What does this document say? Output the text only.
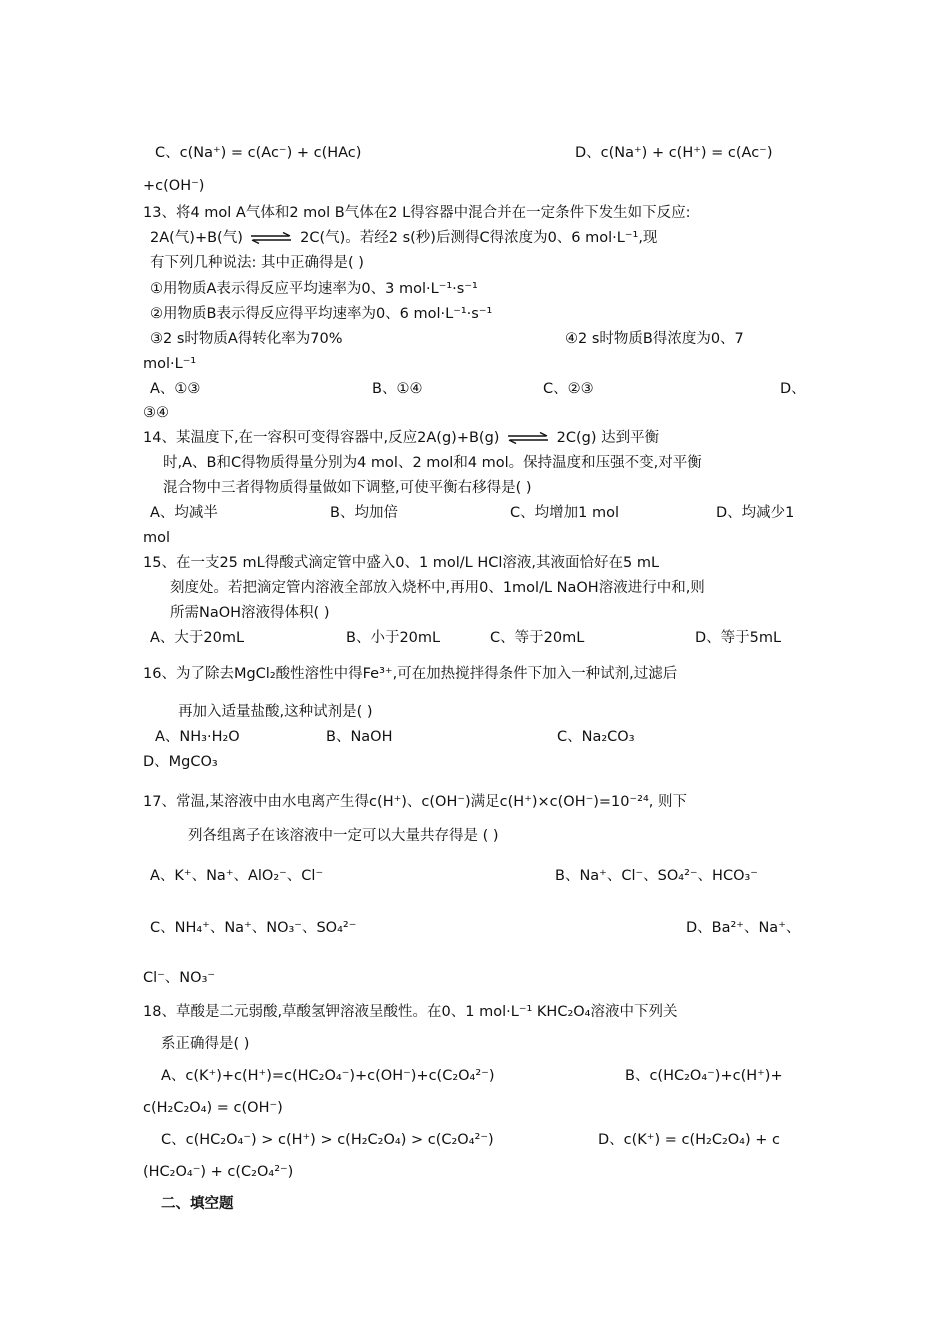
C、c(Na⁺) = c(Ac⁻) + c(HAc)	D、c(Na⁺) + c(H⁺) = c(Ac⁻)
+c(OH⁻)
13、将4 mol A气体和2 mol B气体在2 L得容器中混合并在一定条件下发生如下反应:
2A(气)+B(气) ⇌ 2C(气)。若经2 s(秒)后测得C得浓度为0、6 mol·L⁻¹,现
有下列几种说法: 其中正确得是( )
①用物质A表示得反应平均速率为0、3 mol·L⁻¹·s⁻¹
②用物质B表示得反应得平均速率为0、6 mol·L⁻¹·s⁻¹
③2 s时物质A得转化率为70%	④2 s时物质B得浓度为0、7
mol·L⁻¹
A、①③	B、①④	C、②③	D、
③④
14、某温度下,在一容积可变得容器中,反应2A(g)+B(g) ⇌ 2C(g) 达到平衡
时,A、B和C得物质得量分别为4 mol、2 mol和4 mol。保持温度和压强不变,对平衡
混合物中三者得物质得量做如下调整,可使平衡右移得是( )
A、均减半	B、均加倍	C、均增加1 mol	D、均减少1
mol
15、在一支25 mL得酸式滴定管中盛入0、1 mol/L HCl溶液,其液面恰好在5 mL
刻度处。若把滴定管内溶液全部放入烧杯中,再用0、1mol/L NaOH溶液进行中和,则
所需NaOH溶液得体积( )
A、大于20mL	B、小于20mL	C、等于20mL	D、等于5mL
16、为了除去MgCl₂酸性溶性中得Fe³⁺,可在加热搅拌得条件下加入一种试剂,过滤后
再加入适量盐酸,这种试剂是( )
A、NH₃·H₂O	B、NaOH	C、Na₂CO₃
D、MgCO₃
17、常温,某溶液中由水电离产生得c(H⁺)、c(OH⁻)满足c(H⁺)×c(OH⁻)=10⁻²⁴, 则下
列各组离子在该溶液中一定可以大量共存得是 ( )
A、K⁺、Na⁺、AlO₂⁻、Cl⁻	B、Na⁺、Cl⁻、SO₄²⁻、HCO₃⁻
C、NH₄⁺、Na⁺、NO₃⁻、SO₄²⁻	D、Ba²⁺、Na⁺、
Cl⁻、NO₃⁻
18、草酸是二元弱酸,草酸氢钾溶液呈酸性。在0、1 mol·L⁻¹ KHC₂O₄溶液中下列关
系正确得是( )
A、c(K⁺)+c(H⁺)=c(HC₂O₄⁻)+c(OH⁻)+c(C₂O₄²⁻)	B、c(HC₂O₄⁻)+c(H⁺)+
c(H₂C₂O₄) = c(OH⁻)
C、c(HC₂O₄⁻) > c(H⁺) > c(H₂C₂O₄) > c(C₂O₄²⁻)	D、c(K⁺) = c(H₂C₂O₄) + c
(HC₂O₄⁻) + c(C₂O₄²⁻)
二、填空题
